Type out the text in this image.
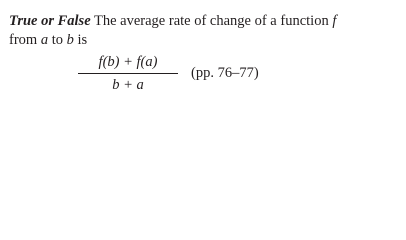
True or False The average rate of change of a function f
from a to b is
f(b) + f(a)
b + a
(pp. 76–77)
